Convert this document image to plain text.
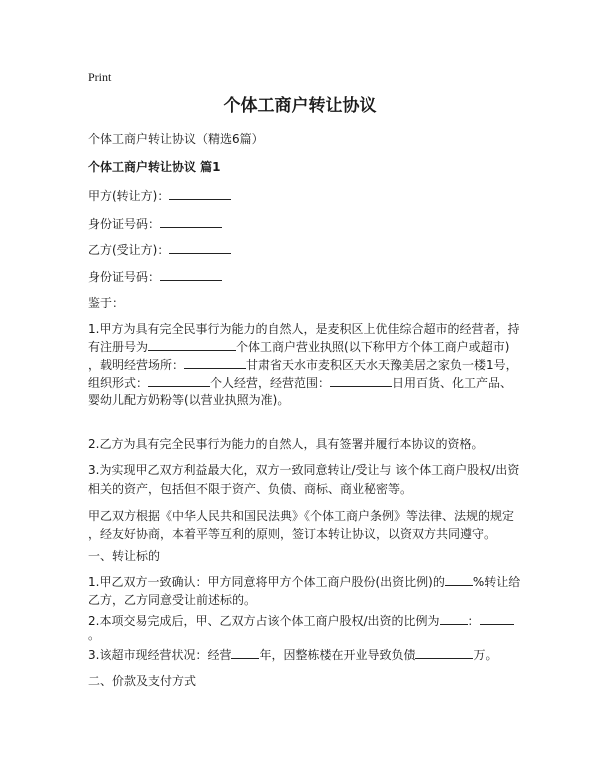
Print
个体工商户转让协议
个体工商户转让协议（精选6篇）
个体工商户转让协议 篇1
甲方(转让方)：
身份证号码：
乙方(受让方)：
身份证号码：
鉴于：
1.甲方为具有完全民事行为能力的自然人，是麦积区上优佳综合超市的经营者，持
有注册号为	个体工商户营业执照(以下称甲方个体工商户或超市)
，载明经营场所：	甘肃省天水市麦积区天水天豫美居之家负一楼1号，
组织形式：	个人经营，经营范围：	日用百货、化工产品、
婴幼儿配方奶粉等(以营业执照为准)。
2.乙方为具有完全民事行为能力的自然人，具有签署并履行本协议的资格。
3.为实现甲乙双方利益最大化，双方一致同意转让/受让与 该个体工商户股权/出资
相关的资产，包括但不限于资产、负债、商标、商业秘密等。
甲乙双方根据《中华人民共和国民法典》《个体工商户条例》等法律、法规的规定
，经友好协商，本着平等互利的原则，签订本转让协议，以资双方共同遵守。
一、转让标的
1.甲乙双方一致确认：甲方同意将甲方个体工商户股份(出资比例)的 %转让给
乙方，乙方同意受让前述标的。
2.本项交易完成后，甲、乙双方占该个体工商户股权/出资的比例为 ：
。
3.该超市现经营状况：经营 年，因整栋楼在开业导致负债	万。
二、价款及支付方式
